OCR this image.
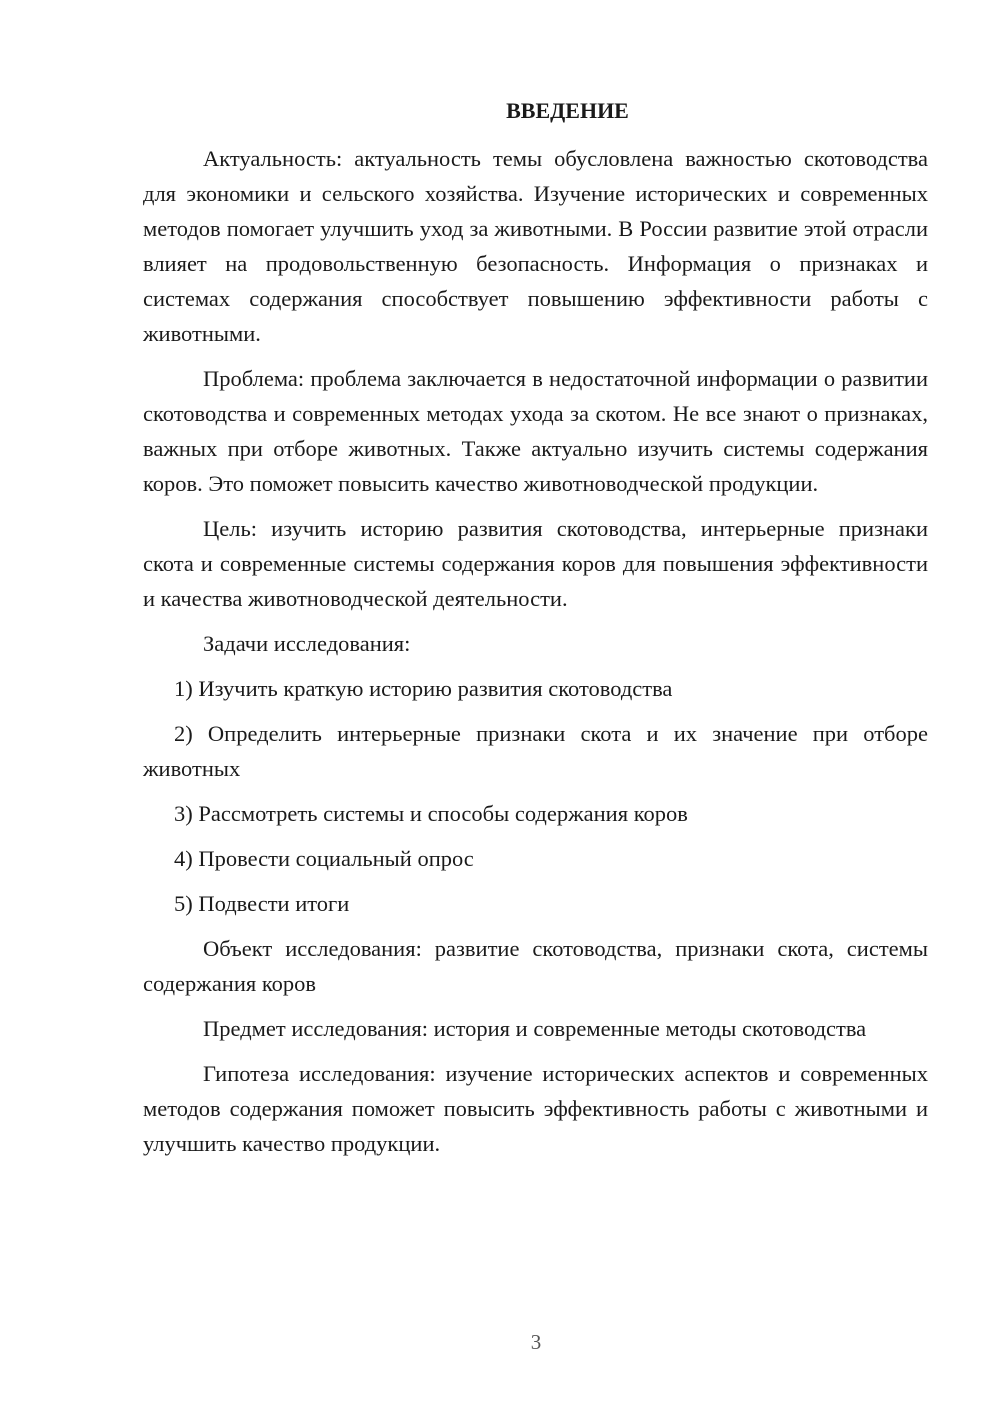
ВВЕДЕНИЕ

Актуальность: актуальность темы обусловлена важностью скотоводства для экономики и сельского хозяйства. Изучение исторических и современных методов помогает улучшить уход за животными. В России развитие этой отрасли влияет на продовольственную безопасность. Информация о признаках и системах содержания способствует повышению эффективности работы с животными.

Проблема: проблема заключается в недостаточной информации о развитии скотоводства и современных методах ухода за скотом. Не все знают о признаках, важных при отборе животных. Также актуально изучить системы содержания коров. Это поможет повысить качество животноводческой продукции.

Цель: изучить историю развития скотоводства, интерьерные признаки скота и современные системы содержания коров для повышения эффективности и качества животноводческой деятельности.

Задачи исследования:

1) Изучить краткую историю развития скотоводства

2) Определить интерьерные признаки скота и их значение при отборе животных

3) Рассмотреть системы и способы содержания коров

4) Провести социальный опрос

5) Подвести итоги

Объект исследования: развитие скотоводства, признаки скота, системы содержания коров

Предмет исследования: история и современные методы скотоводства

Гипотеза исследования: изучение исторических аспектов и современных методов содержания поможет повысить эффективность работы с животными и улучшить качество продукции.

3
